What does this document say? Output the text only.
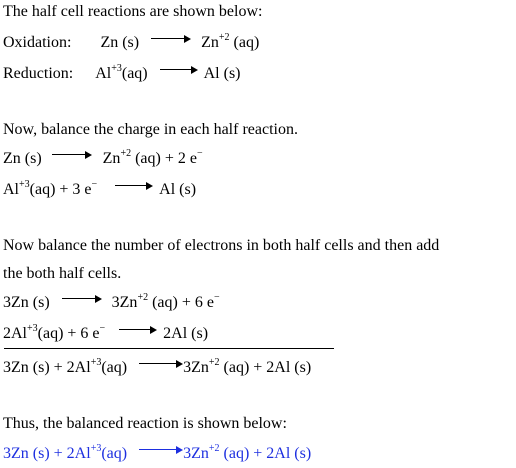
The half cell reactions are shown below:
Oxidation: Zn (s)	$Zn^{+2}$ (aq)
Reduction: $Al^{+3}(aq)$	Al (s)
Now, balance the charge in each half reaction.
Zn (s)	$Zn^{+2}$ (aq) + 2 e−
$Al^{+3}(aq) + 3$ e−	Al (s)
Now balance the number of electrons in both half cells and then add
the both half cells.
3Zn (s)	$3Zn^{+2}$ (aq) + 6 e−
$2Al^{+3}(aq) + 6$ e−	2Al (s)
3Zn $(s) + 2Al^{+3}(aq)$	$3Zn^{+2}$ (aq) + 2Al (s)
Thus, the balanced reaction is shown below:
3Zn $(s) + 2Al^{+3}(aq)$	$3Zn^{+2}$ (aq) + 2Al (s)
